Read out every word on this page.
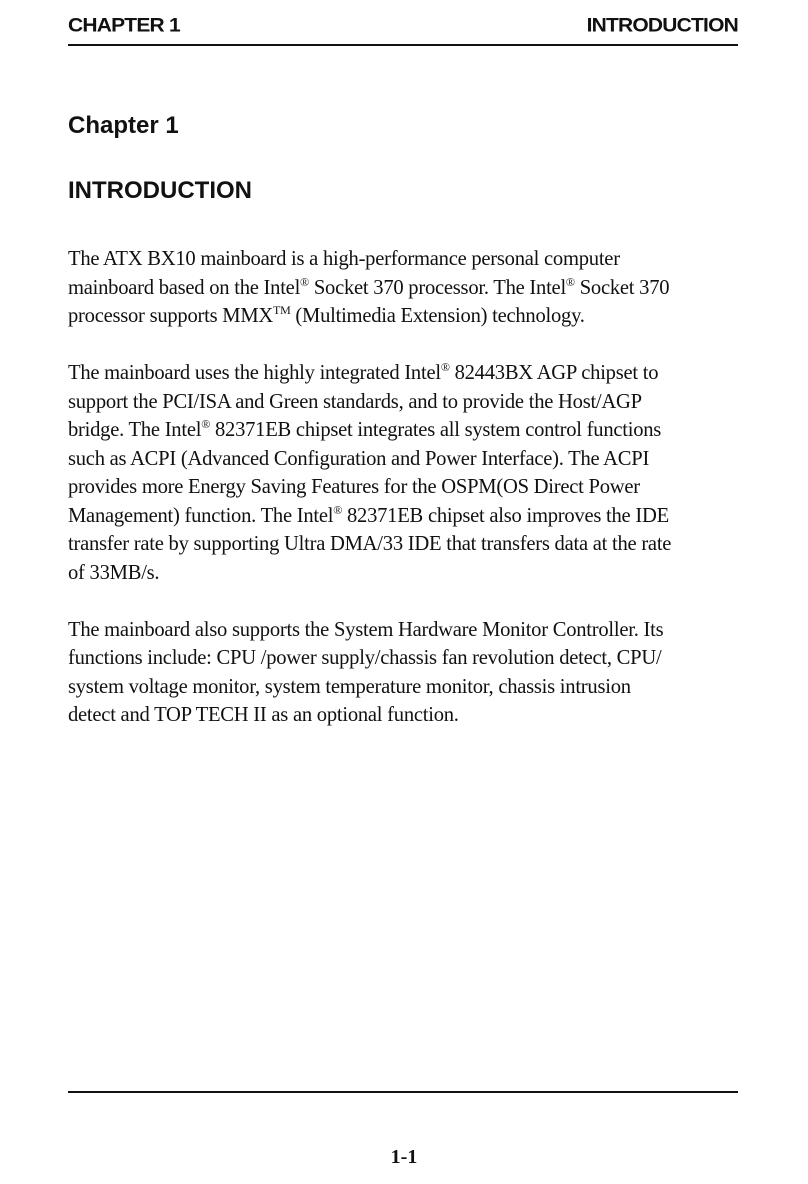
CHAPTER 1	INTRODUCTION
Chapter 1
INTRODUCTION

The ATX BX10 mainboard is a high-performance personal computer
mainboard based on the Intel® Socket 370 processor. The Intel® Socket 370
processor supports MMX™ (Multimedia Extension) technology.

The mainboard uses the highly integrated Intel® 82443BX AGP chipset to
support the PCI/ISA and Green standards, and to provide the Host/AGP
bridge. The Intel® 82371EB chipset integrates all system control functions
such as ACPI (Advanced Configuration and Power Interface). The ACPI
provides more Energy Saving Features for the OSPM(OS Direct Power
Management) function. The Intel® 82371EB chipset also improves the IDE
transfer rate by supporting Ultra DMA/33 IDE that transfers data at the rate
of 33MB/s.

The mainboard also supports the System Hardware Monitor Controller. Its
functions include: CPU /power supply/chassis fan revolution detect, CPU/
system voltage monitor, system temperature monitor, chassis intrusion
detect and TOP TECH II as an optional function.

1-1
